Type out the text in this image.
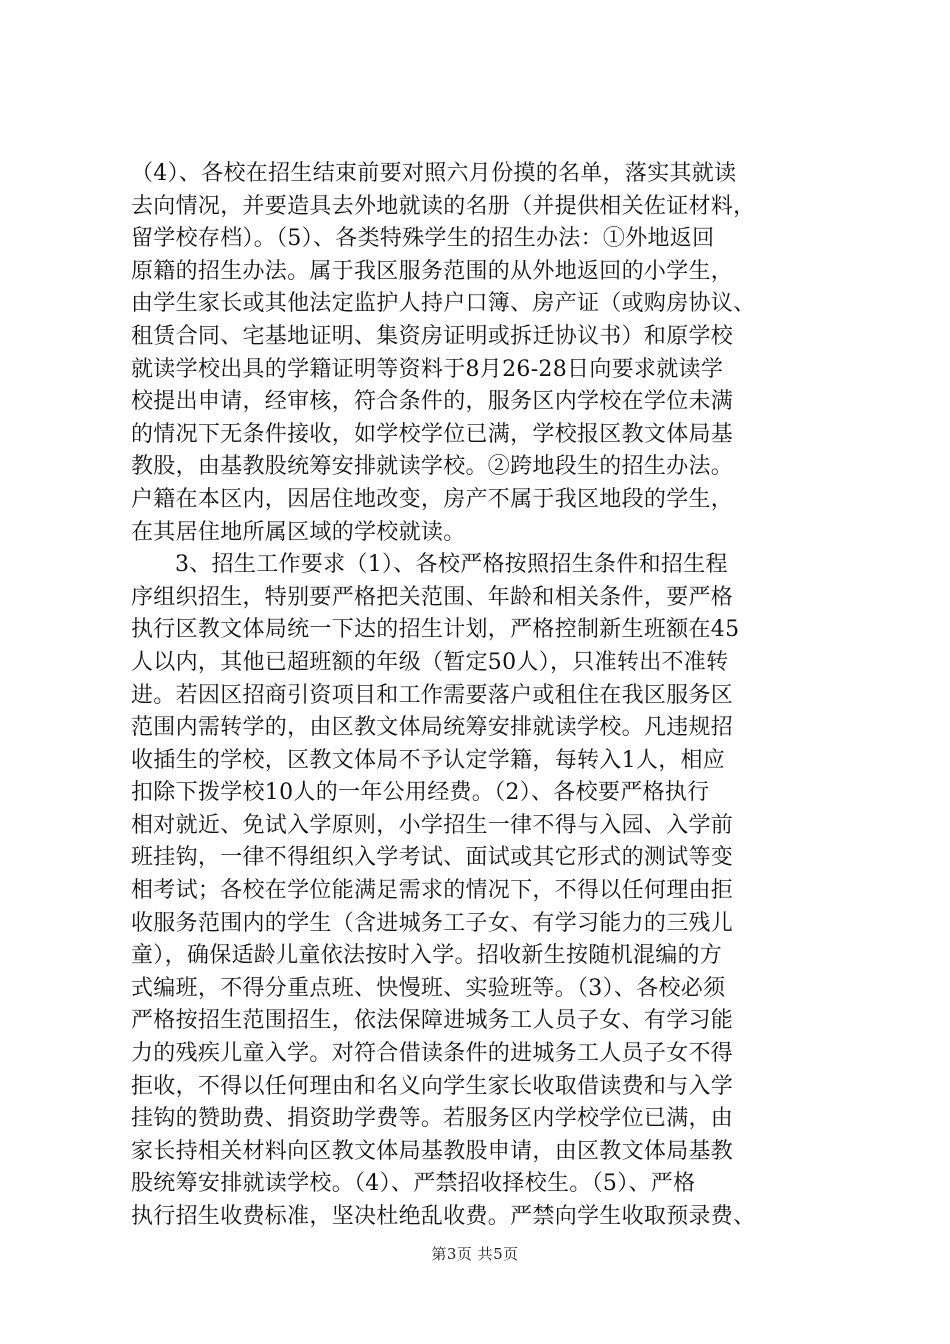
（4）、各校在招生结束前要对照六月份摸的名单，落实其就读
去向情况，并要造具去外地就读的名册（并提供相关佐证材料，
留学校存档）。（5）、各类特殊学生的招生办法：①外地返回
原籍的招生办法。属于我区服务范围的从外地返回的小学生，
由学生家长或其他法定监护人持户口簿、房产证（或购房协议、
租赁合同、宅基地证明、集资房证明或拆迁协议书）和原学校
就读学校出具的学籍证明等资料于8月26-28日向要求就读学
校提出申请，经审核，符合条件的，服务区内学校在学位未满
的情况下无条件接收，如学校学位已满，学校报区教文体局基
教股，由基教股统筹安排就读学校。②跨地段生的招生办法。
户籍在本区内，因居住地改变，房产不属于我区地段的学生，
在其居住地所属区域的学校就读。
3、招生工作要求（1）、各校严格按照招生条件和招生程
序组织招生，特别要严格把关范围、年龄和相关条件，要严格
执行区教文体局统一下达的招生计划，严格控制新生班额在45
人以内，其他已超班额的年级（暂定50人），只准转出不准转
进。若因区招商引资项目和工作需要落户或租住在我区服务区
范围内需转学的，由区教文体局统筹安排就读学校。凡违规招
收插生的学校，区教文体局不予认定学籍，每转入1人，相应
扣除下拨学校10人的一年公用经费。（2）、各校要严格执行
相对就近、免试入学原则，小学招生一律不得与入园、入学前
班挂钩，一律不得组织入学考试、面试或其它形式的测试等变
相考试；各校在学位能满足需求的情况下，不得以任何理由拒
收服务范围内的学生（含进城务工子女、有学习能力的三残儿
童），确保适龄儿童依法按时入学。招收新生按随机混编的方
式编班，不得分重点班、快慢班、实验班等。（3）、各校必须
严格按招生范围招生，依法保障进城务工人员子女、有学习能
力的残疾儿童入学。对符合借读条件的进城务工人员子女不得
拒收，不得以任何理由和名义向学生家长收取借读费和与入学
挂钩的赞助费、捐资助学费等。若服务区内学校学位已满，由
家长持相关材料向区教文体局基教股申请，由区教文体局基教
股统筹安排就读学校。（4）、严禁招收择校生。（5）、严格
执行招生收费标准，坚决杜绝乱收费。严禁向学生收取预录费、
第3页 共5页
